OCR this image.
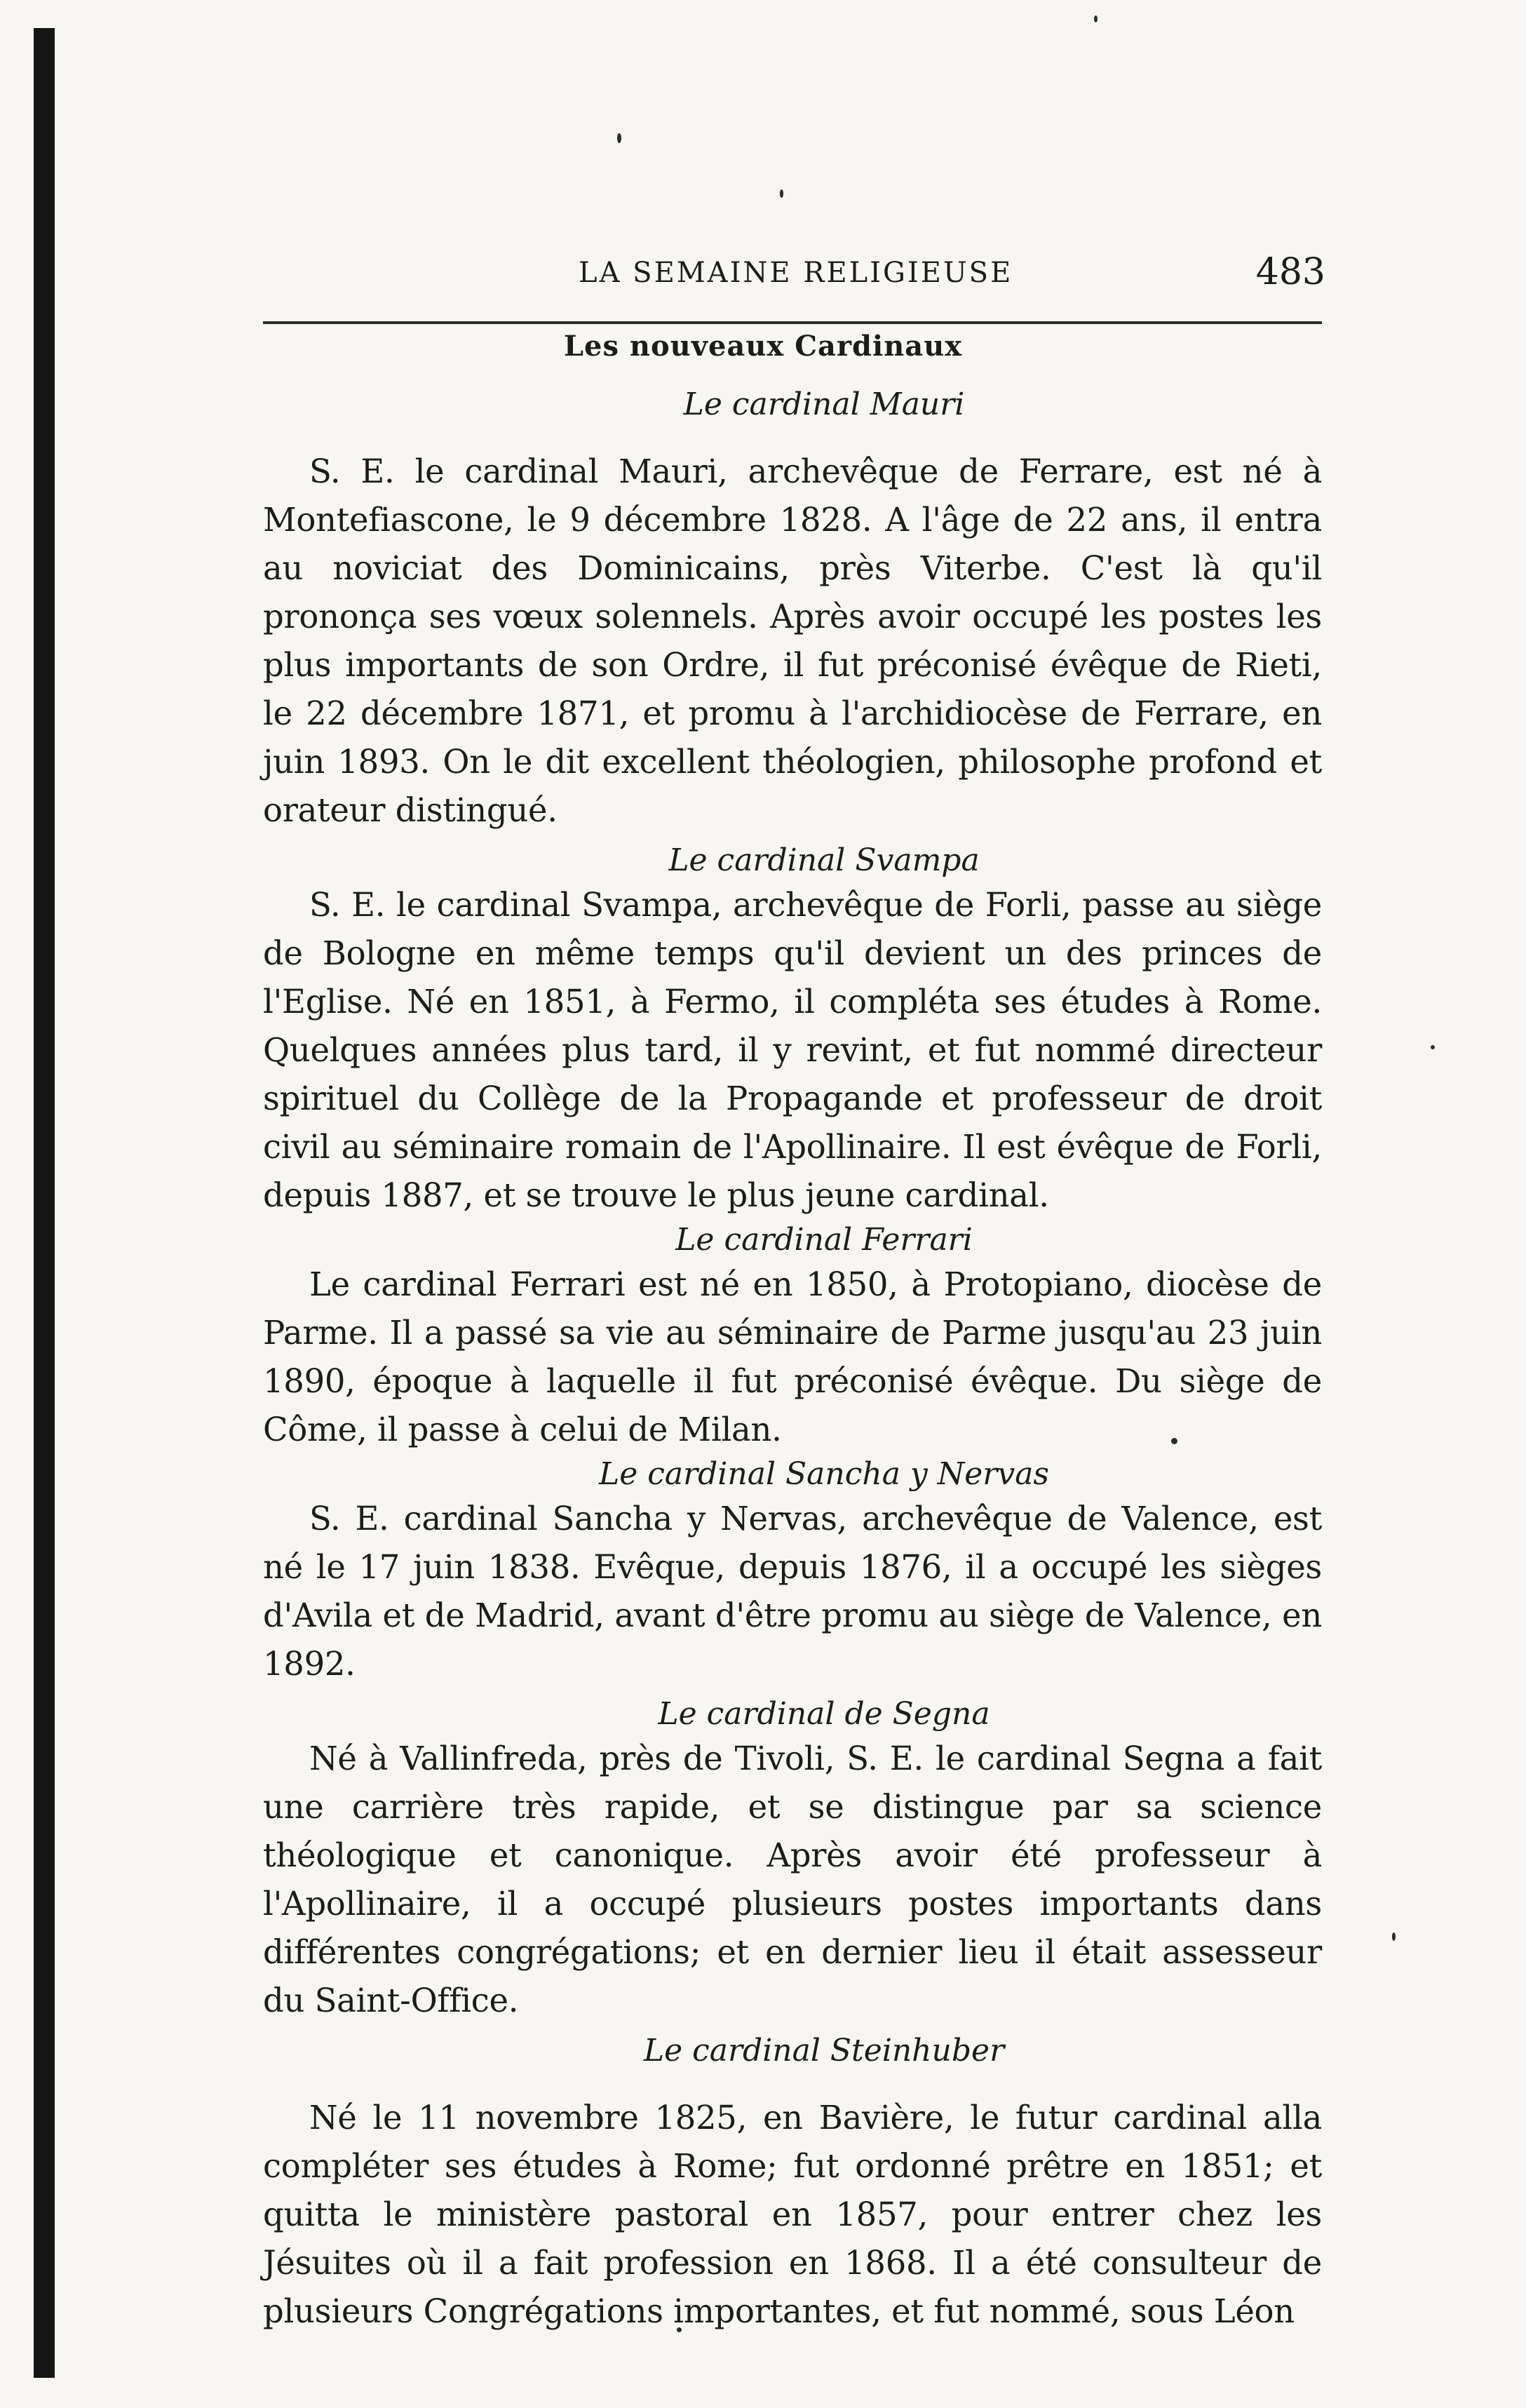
LA SEMAINE RELIGIEUSE	483
Les nouveaux Cardinaux

Le cardinal Mauri

S. E. le cardinal Mauri, archevêque de Ferrare, est né à Montefiascone, le 9 décembre 1828. A l'âge de 22 ans, il entra au noviciat des Dominicains, près Viterbe. C'est là qu'il prononça ses vœux solennels. Après avoir occupé les postes les plus importants de son Ordre, il fut préconisé évêque de Rieti, le 22 décembre 1871, et promu à l'archidiocèse de Ferrare, en juin 1893. On le dit excellent théologien, philosophe profond et orateur distingué.

Le cardinal Svampa

S. E. le cardinal Svampa, archevêque de Forli, passe au siège de Bologne en même temps qu'il devient un des princes de l'Eglise. Né en 1851, à Fermo, il compléta ses études à Rome. Quelques années plus tard, il y revint, et fut nommé directeur spirituel du Collège de la Propagande et professeur de droit civil au séminaire romain de l'Apollinaire. Il est évêque de Forli, depuis 1887, et se trouve le plus jeune cardinal.

Le cardinal Ferrari

Le cardinal Ferrari est né en 1850, à Protopiano, diocèse de Parme. Il a passé sa vie au séminaire de Parme jusqu'au 23 juin 1890, époque à laquelle il fut préconisé évêque. Du siège de Côme, il passe à celui de Milan.

Le cardinal Sancha y Nervas

S. E. cardinal Sancha y Nervas, archevêque de Valence, est né le 17 juin 1838. Evêque, depuis 1876, il a occupé les sièges d'Avila et de Madrid, avant d'être promu au siège de Valence, en 1892.

Le cardinal de Segna

Né à Vallinfreda, près de Tivoli, S. E. le cardinal Segna a fait une carrière très rapide, et se distingue par sa science théologique et canonique. Après avoir été professeur à l'Apollinaire, il a occupé plusieurs postes importants dans différentes congrégations; et en dernier lieu il était assesseur du Saint-Office.

Le cardinal Steinhuber

Né le 11 novembre 1825, en Bavière, le futur cardinal alla compléter ses études à Rome; fut ordonné prêtre en 1851; et quitta le ministère pastoral en 1857, pour entrer chez les Jésuites où il a fait profession en 1868. Il a été consulteur de plusieurs Congrégations importantes, et fut nommé, sous Léon
